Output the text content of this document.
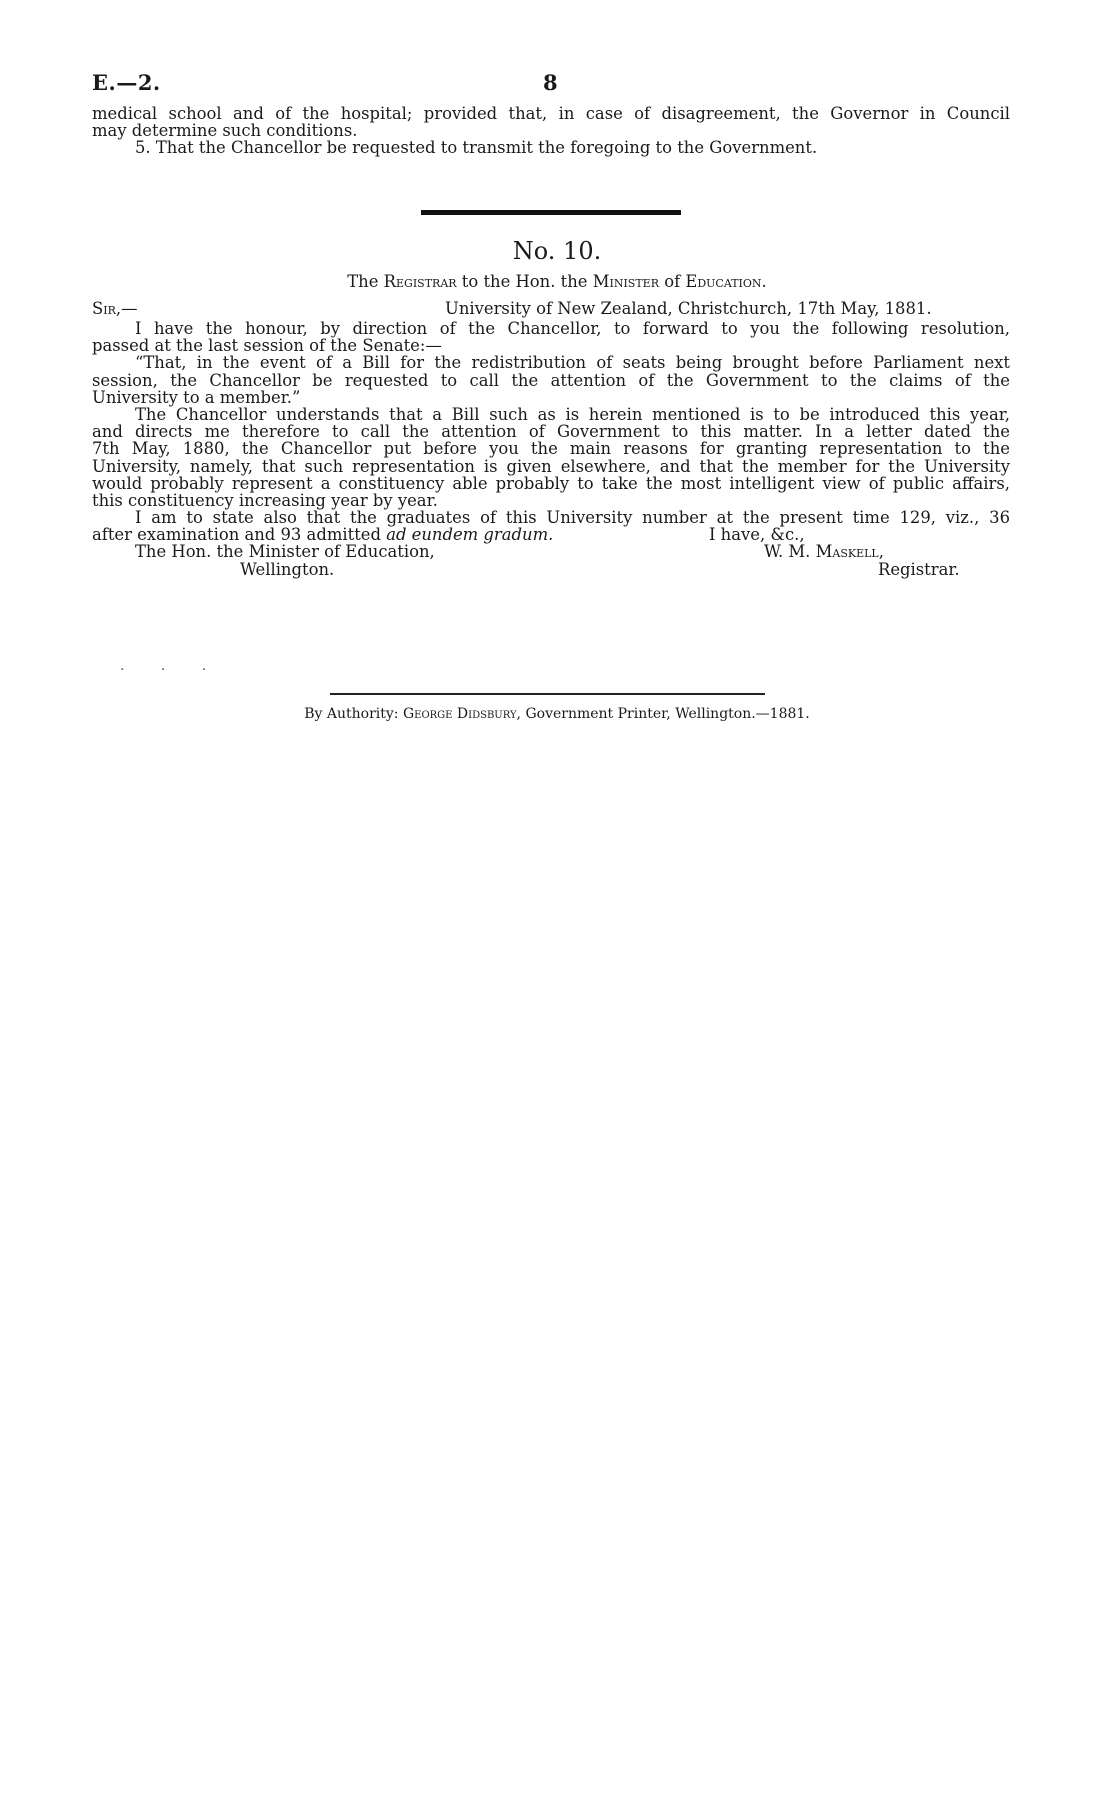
E.—2.	8
medical school and of the hospital; provided that, in case of disagreement, the Governor in Council
may determine such conditions.
5. That the Chancellor be requested to transmit the foregoing to the Government.
No. 10.
The Registrar to the Hon. the Minister of Education.
Sir,—	University of New Zealand, Christchurch, 17th May, 1881.
I have the honour, by direction of the Chancellor, to forward to you the following resolution,
passed at the last session of the Senate:—
“That, in the event of a Bill for the redistribution of seats being brought before Parliament next
session, the Chancellor be requested to call the attention of the Government to the claims of the
University to a member.”
The Chancellor understands that a Bill such as is herein mentioned is to be introduced this year,
and directs me therefore to call the attention of Government to this matter. In a letter dated the
7th May, 1880, the Chancellor put before you the main reasons for granting representation to the
University, namely, that such representation is given elsewhere, and that the member for the University
would probably represent a constituency able probably to take the most intelligent view of public affairs,
this constituency increasing year by year.
I am to state also that the graduates of this University number at the present time 129, viz., 36
after examination and 93 admitted ad eundem gradum.	I have, &c.,
The Hon. the Minister of Education,	W. M. Maskell,
Wellington.	Registrar.
· · ·
By Authority: George Didsbury, Government Printer, Wellington.—1881.
